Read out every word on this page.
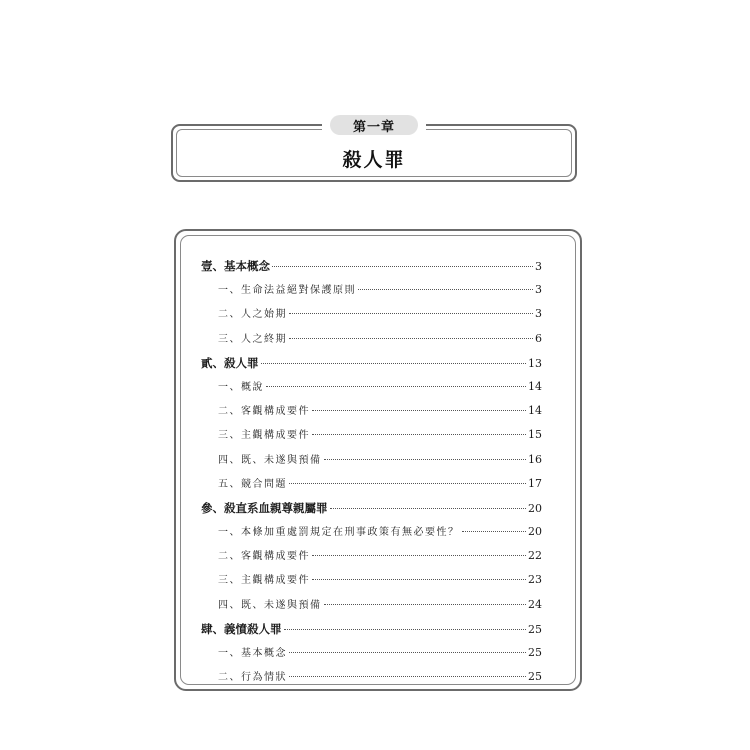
第一章
殺人罪
壹、基本概念	3
一、生命法益絕對保護原則	3
二、人之始期	3
三、人之終期	6
貳、殺人罪	13
一、概說	14
二、客觀構成要件	14
三、主觀構成要件	15
四、既、未遂與預備	16
五、競合問題	17
參、殺直系血親尊親屬罪	20
一、本條加重處罰規定在刑事政策有無必要性？	20
二、客觀構成要件	22
三、主觀構成要件	23
四、既、未遂與預備	24
肆、義憤殺人罪	25
一、基本概念	25
二、行為情狀	25
